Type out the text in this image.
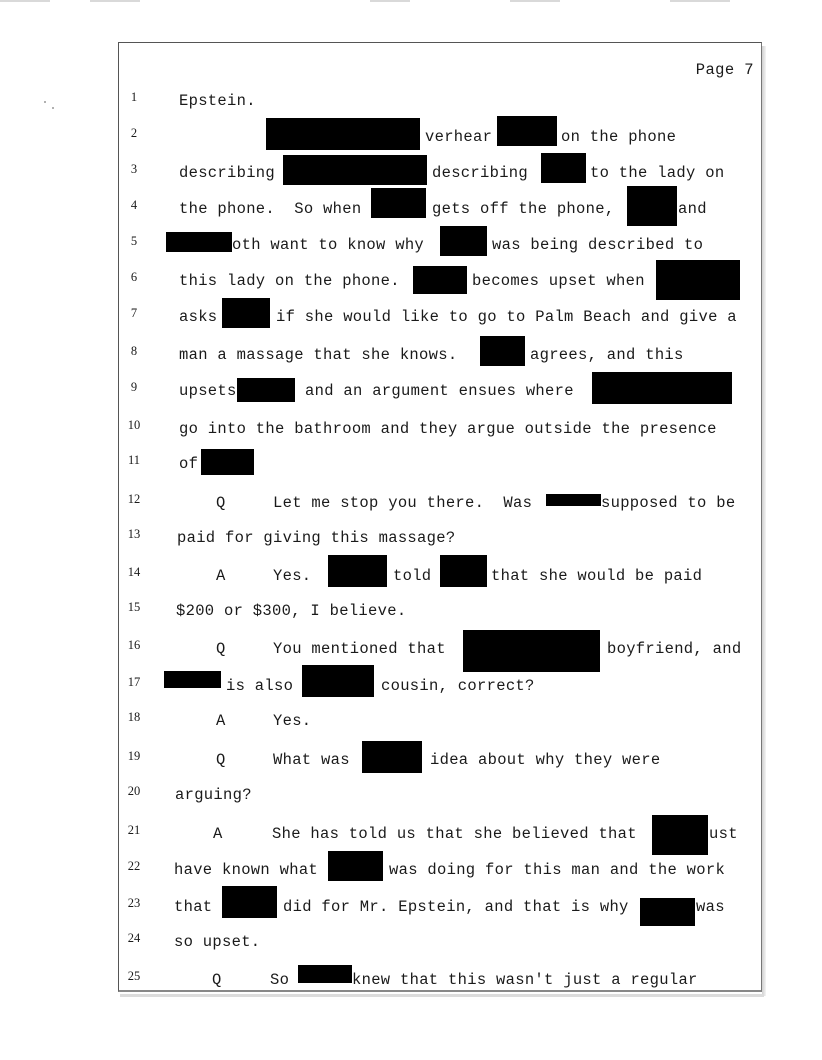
Page 7
1	Epstein.
2	verhear	on the phone
3	describing	describing	to the lady on
4	the phone.  So when	gets off the phone,	and
5	oth want to know why	was being described to
6	this lady on the phone.	becomes upset when
7	asks	if she would like to go to Palm Beach and give a
8	man a massage that she knows.	agrees, and this
9	upsets	and an argument ensues where
10	go into the bathroom and they argue outside the presence
11	of
12	Q	Let me stop you there.  Was	supposed to be
13	paid for giving this massage?
14	A	Yes.	told	that she would be paid
15	$200 or $300, I believe.
16	Q	You mentioned that	boyfriend, and
17	is also	cousin, correct?
18	A	Yes.
19	Q	What was	idea about why they were
20	arguing?
21	A	She has told us that she believed that	ust
22	have known what	was doing for this man and the work
23	that	did for Mr. Epstein, and that is why	was
24	so upset.
25	Q	So	knew that this wasn't just a regular
